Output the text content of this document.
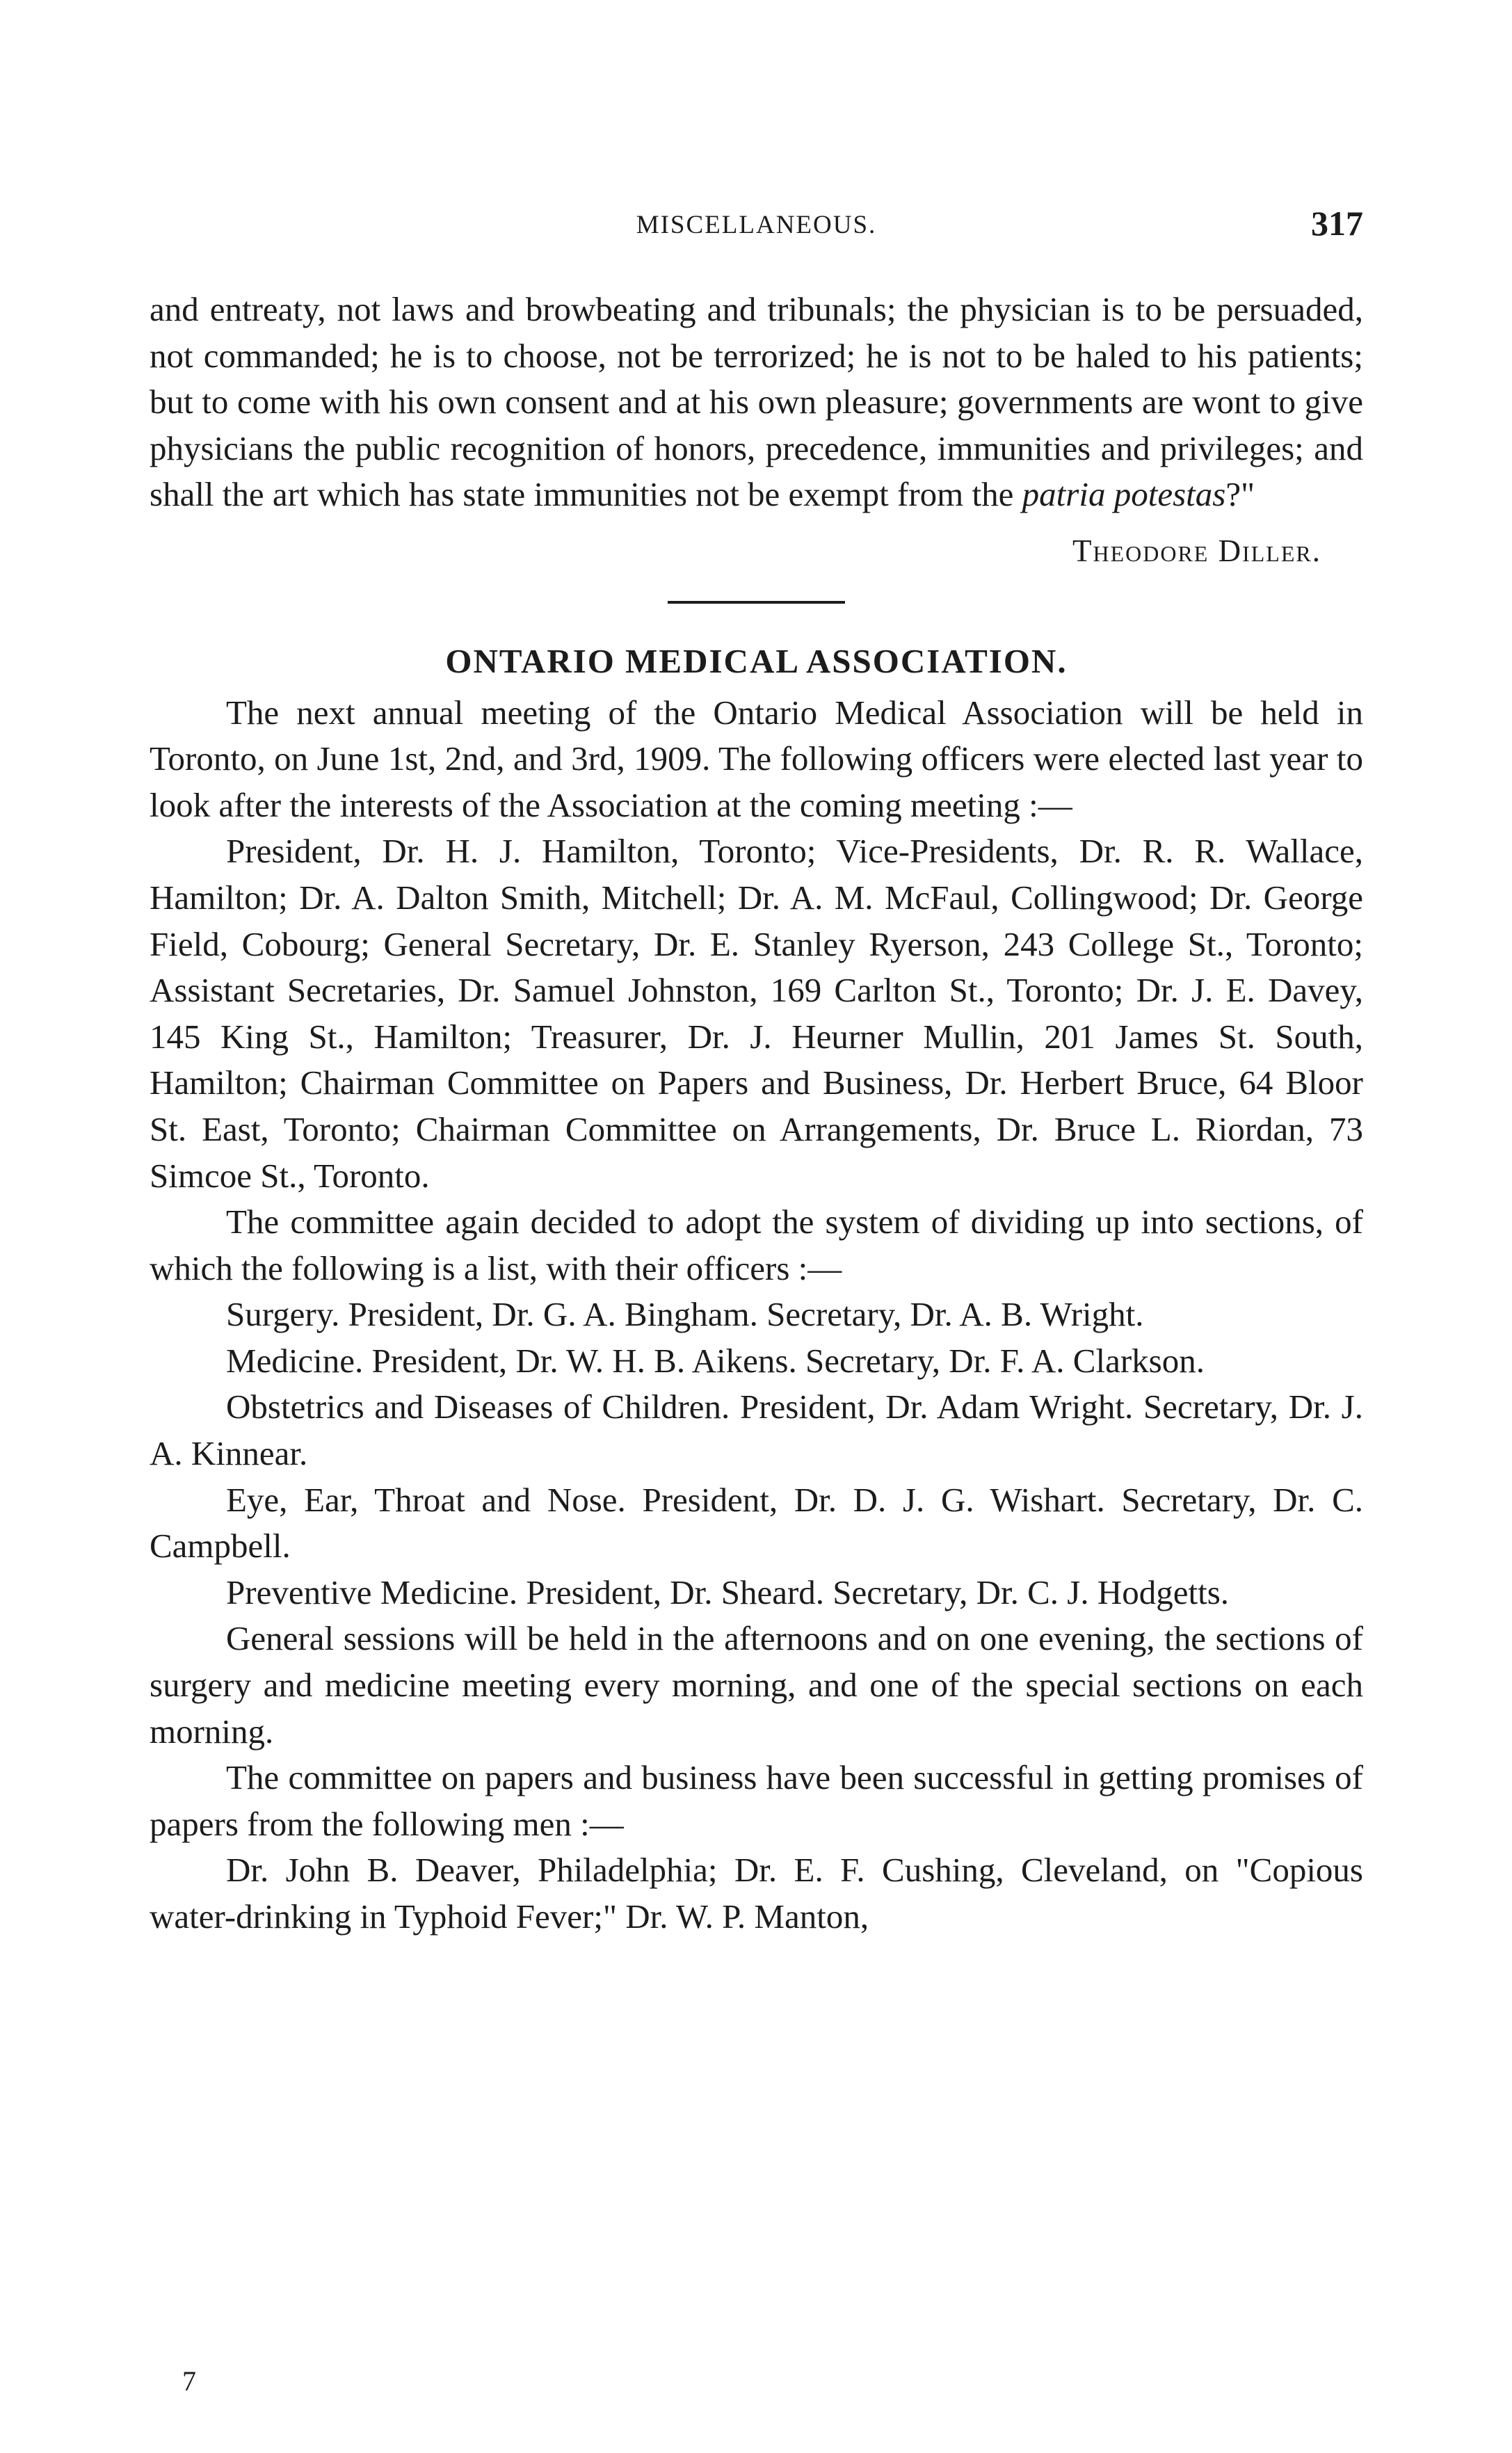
MISCELLANEOUS.	317

and entreaty, not laws and browbeating and tribunals; the physician is to be persuaded, not commanded; he is to choose, not be terrorized; he is not to be haled to his patients; but to come with his own consent and at his own pleasure; governments are wont to give physicians the public recognition of honors, precedence, immunities and privileges; and shall the art which has state immunities not be exempt from the patria potestas?"

Theodore Diller.

ONTARIO MEDICAL ASSOCIATION.

The next annual meeting of the Ontario Medical Association will be held in Toronto, on June 1st, 2nd, and 3rd, 1909. The following officers were elected last year to look after the interests of the Association at the coming meeting :—

President, Dr. H. J. Hamilton, Toronto; Vice-Presidents, Dr. R. R. Wallace, Hamilton; Dr. A. Dalton Smith, Mitchell; Dr. A. M. McFaul, Collingwood; Dr. George Field, Cobourg; General Secretary, Dr. E. Stanley Ryerson, 243 College St., Toronto; Assistant Secretaries, Dr. Samuel Johnston, 169 Carlton St., Toronto; Dr. J. E. Davey, 145 King St., Hamilton; Treasurer, Dr. J. Heurner Mullin, 201 James St. South, Hamilton; Chairman Committee on Papers and Business, Dr. Herbert Bruce, 64 Bloor St. East, Toronto; Chairman Committee on Arrangements, Dr. Bruce L. Riordan, 73 Simcoe St., Toronto.

The committee again decided to adopt the system of dividing up into sections, of which the following is a list, with their officers :—

Surgery. President, Dr. G. A. Bingham. Secretary, Dr. A. B. Wright.

Medicine. President, Dr. W. H. B. Aikens. Secretary, Dr. F. A. Clarkson.

Obstetrics and Diseases of Children. President, Dr. Adam Wright. Secretary, Dr. J. A. Kinnear.

Eye, Ear, Throat and Nose. President, Dr. D. J. G. Wishart. Secretary, Dr. C. Campbell.

Preventive Medicine. President, Dr. Sheard. Secretary, Dr. C. J. Hodgetts.

General sessions will be held in the afternoons and on one evening, the sections of surgery and medicine meeting every morning, and one of the special sections on each morning.

The committee on papers and business have been successful in getting promises of papers from the following men :—

Dr. John B. Deaver, Philadelphia; Dr. E. F. Cushing, Cleveland, on "Copious water-drinking in Typhoid Fever;" Dr. W. P. Manton,

7
